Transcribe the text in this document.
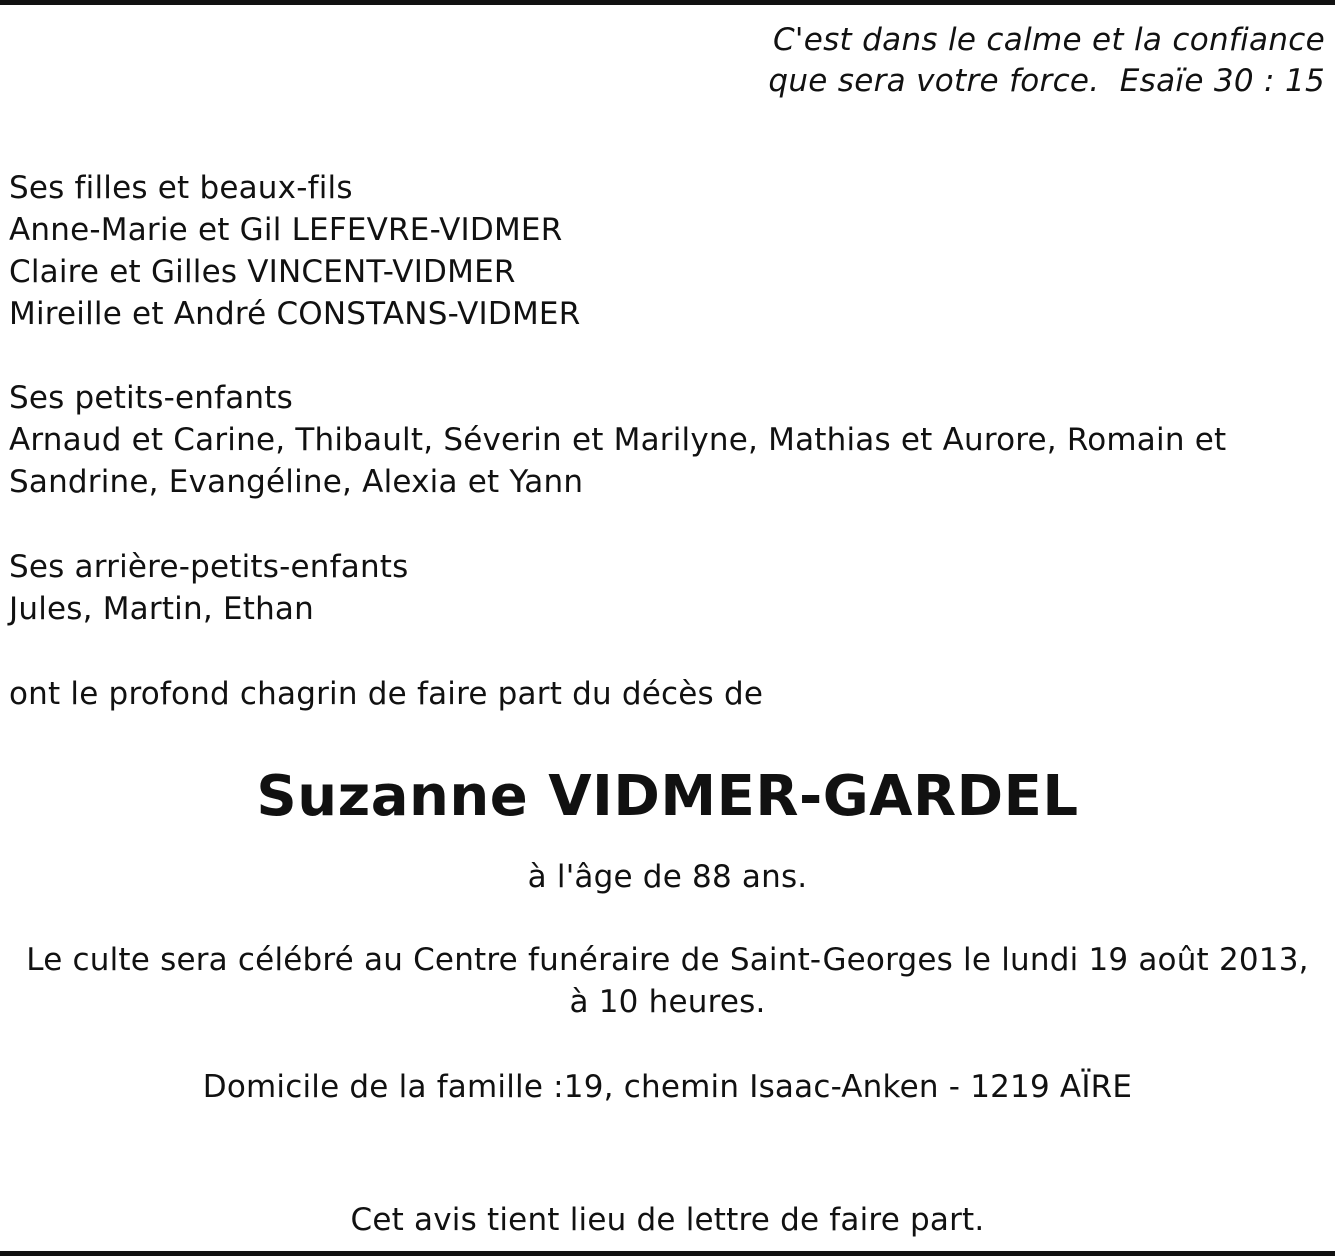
C'est dans le calme et la confiance
que sera votre force.  Esaïe 30 : 15
Ses filles et beaux-fils
Anne-Marie et Gil LEFEVRE-VIDMER
Claire et Gilles VINCENT-VIDMER
Mireille et André CONSTANS-VIDMER
Ses petits-enfants
Arnaud et Carine, Thibault, Séverin et Marilyne, Mathias et Aurore, Romain et
Sandrine, Evangéline, Alexia et Yann
Ses arrière-petits-enfants
Jules, Martin, Ethan
ont le profond chagrin de faire part du décès de
Suzanne VIDMER-GARDEL
à l'âge de 88 ans.
Le culte sera célébré au Centre funéraire de Saint-Georges le lundi 19 août 2013,
à 10 heures.
Domicile de la famille :19, chemin Isaac-Anken - 1219 AÏRE
Cet avis tient lieu de lettre de faire part.
